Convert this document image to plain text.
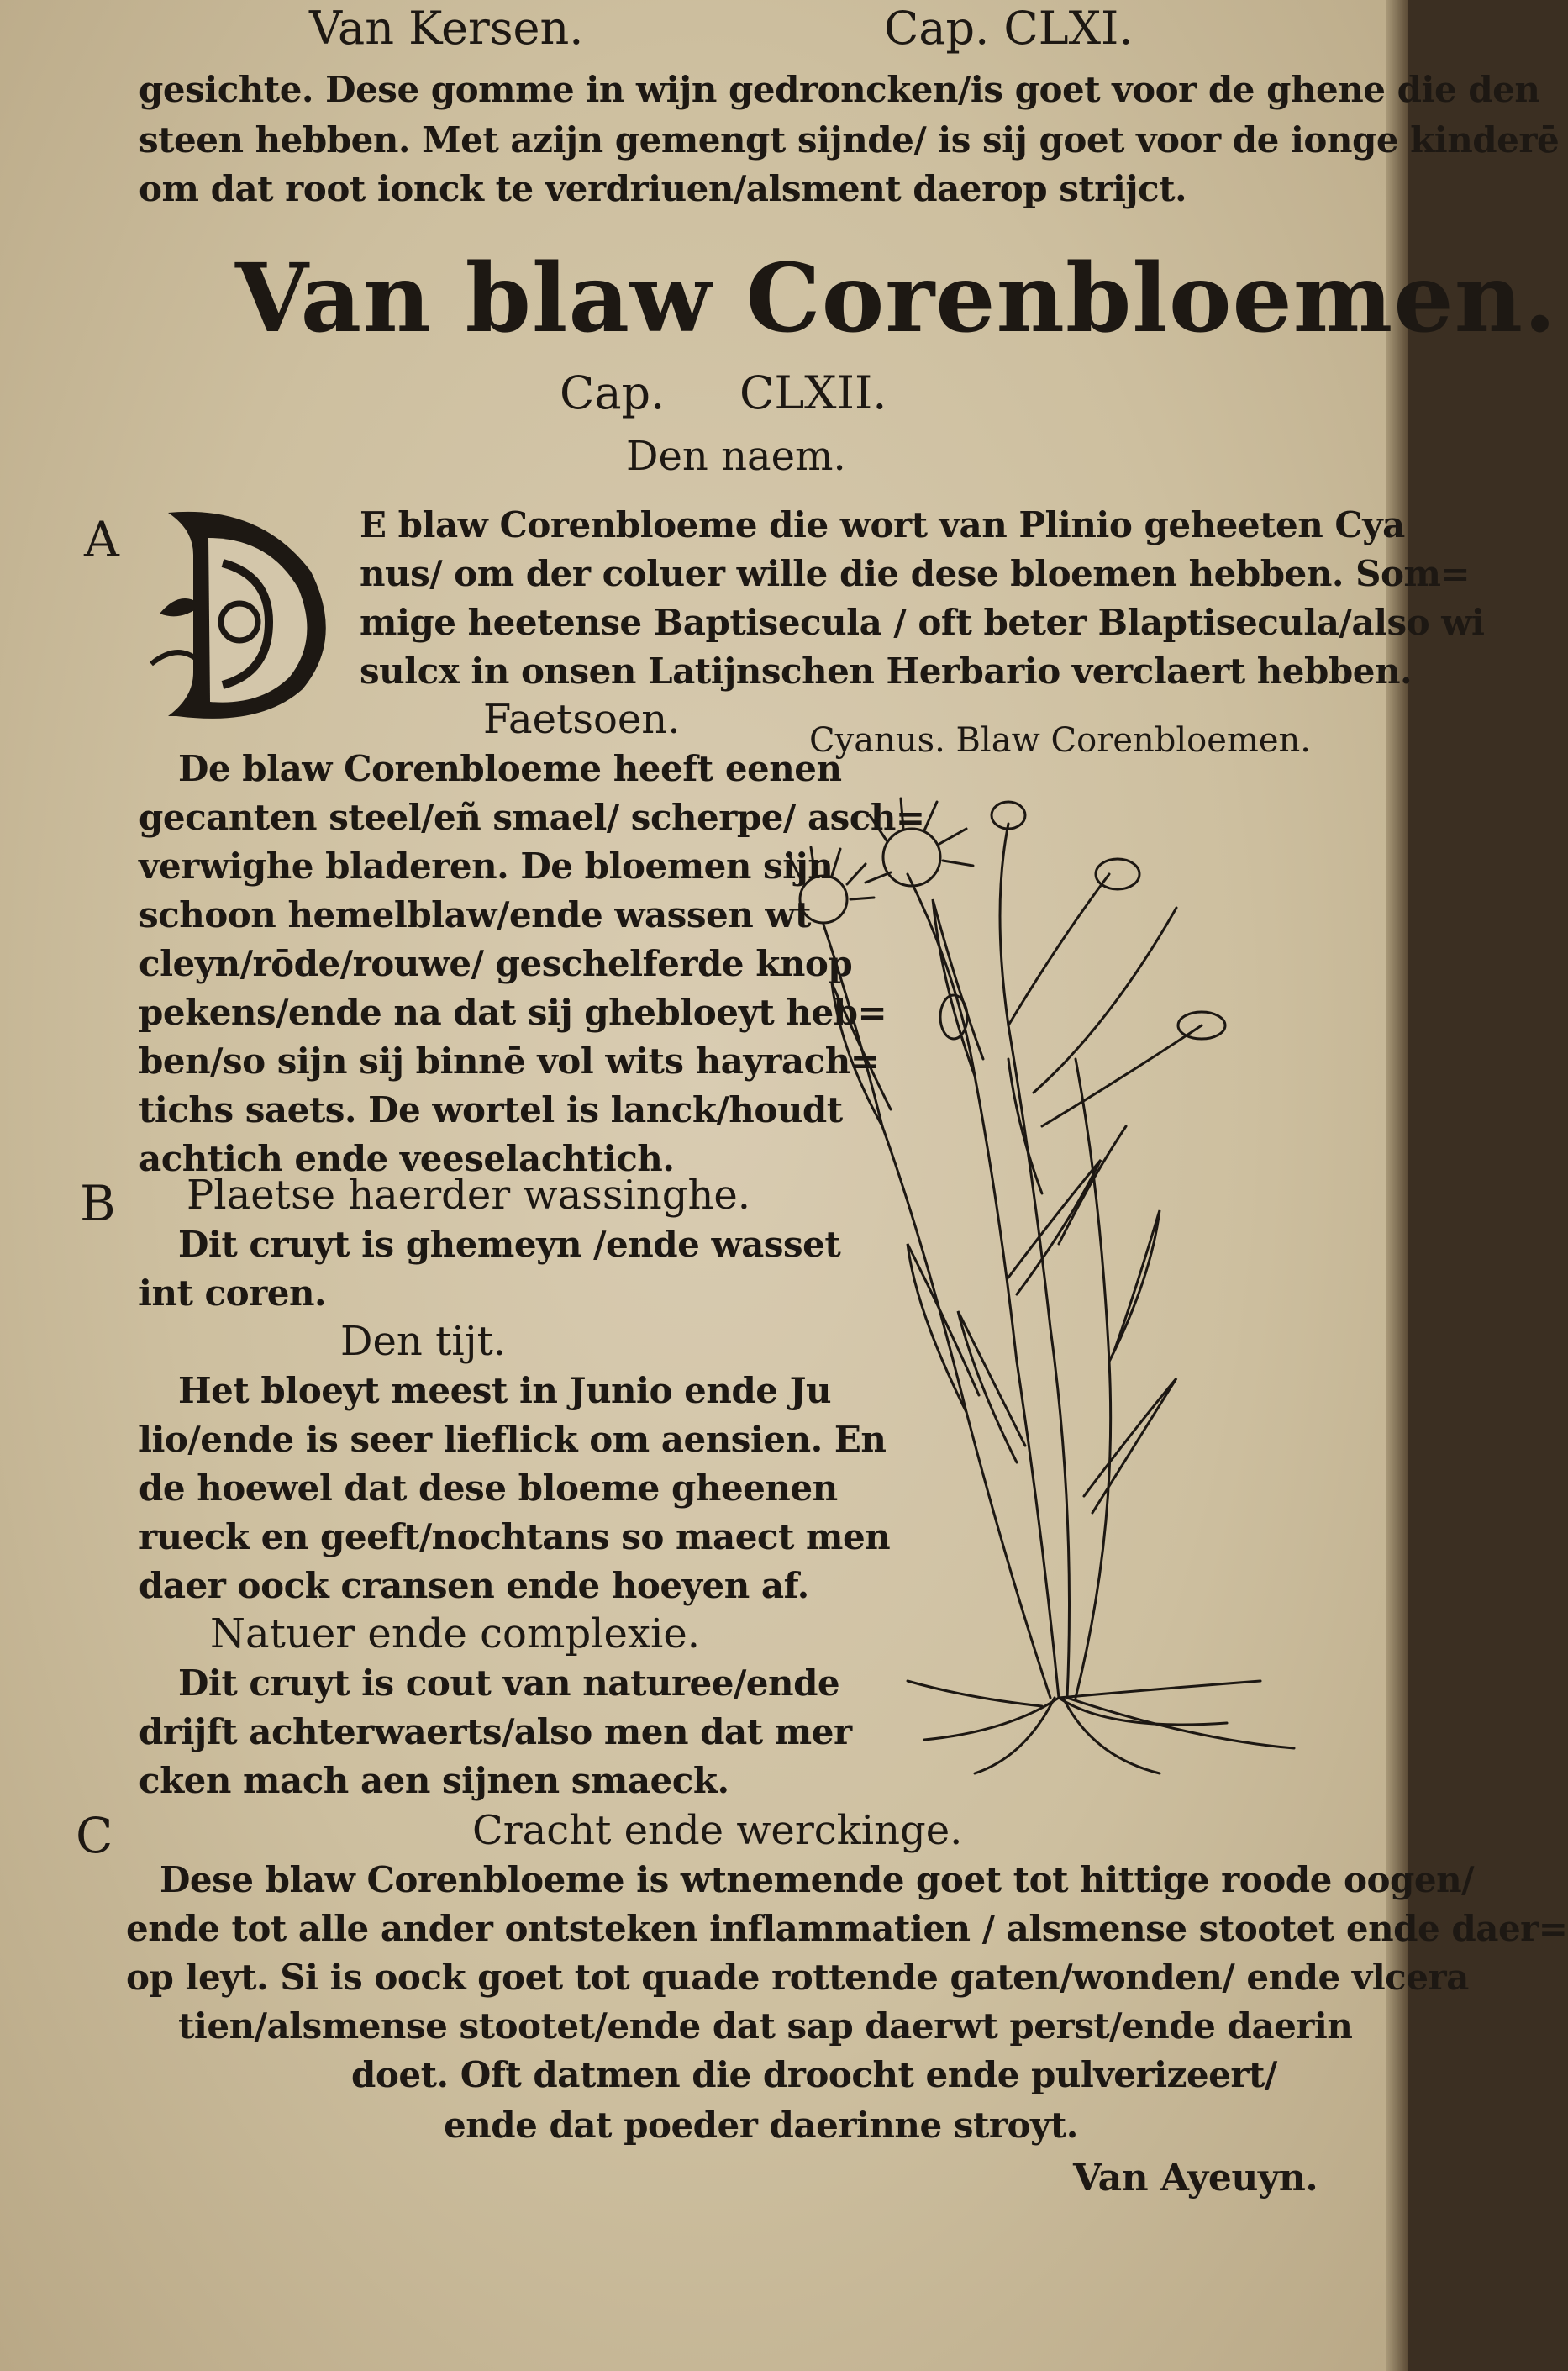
Van Kersen.	Cap. CLXI.
gesichte. Dese gomme in wijn gedroncken/is goet voor de ghene die den
steen hebben. Met azijn gemengt sijnde/ is sij goet voor de ionge kinderē
om dat root ionck te verdriuen/alsment daerop strijct.
Van blaw Corenbloemen.
Cap. CLXII.
Den naem.
A	E blaw Corenbloeme die wort van Plinio geheeten Cya
nus/ om der coluer wille die dese bloemen hebben. Som=
mige heetense Baptisecula / oft beter Blaptisecula/also wi
sulcx in onsen Latijnschen Herbario verclaert hebben.
Faetsoen.	Cyanus. Blaw Corenbloemen.
De blaw Corenbloeme heeft eenen
gecanten steel/eñ smael/ scherpe/ asch=
verwighe bladeren. De bloemen sijn
schoon hemelblaw/ende wassen wt
cleyn/rōde/rouwe/ geschelferde knop
pekens/ende na dat sij ghebloeyt heb=
ben/so sijn sij binnē vol wits hayrach=
tichs saets. De wortel is lanck/houdt
achtich ende veeselachtich.
B Plaetse haerder wassinghe.
Dit cruyt is ghemeyn /ende wasset
int coren.
Den tijt.
Het bloeyt meest in Junio ende Ju
lio/ende is seer lieflick om aensien. En
de hoewel dat dese bloeme gheenen
rueck en geeft/nochtans so maect men
daer oock cransen ende hoeyen af.
Natuer ende complexie.
Dit cruyt is cout van naturee/ende
drijft achterwaerts/also men dat mer
cken mach aen sijnen smaeck.
C	Cracht ende werckinge.
Dese blaw Corenbloeme is wtnemende goet tot hittige roode oogen/
ende tot alle ander ontsteken inflammatien / alsmense stootet ende daer=
op leyt. Si is oock goet tot quade rottende gaten/wonden/ ende vlcera
tien/alsmense stootet/ende dat sap daerwt perst/ende daerin
doet. Oft datmen die droocht ende pulverizeert/
ende dat poeder daerinne stroyt.
Van Ayeuyn.
